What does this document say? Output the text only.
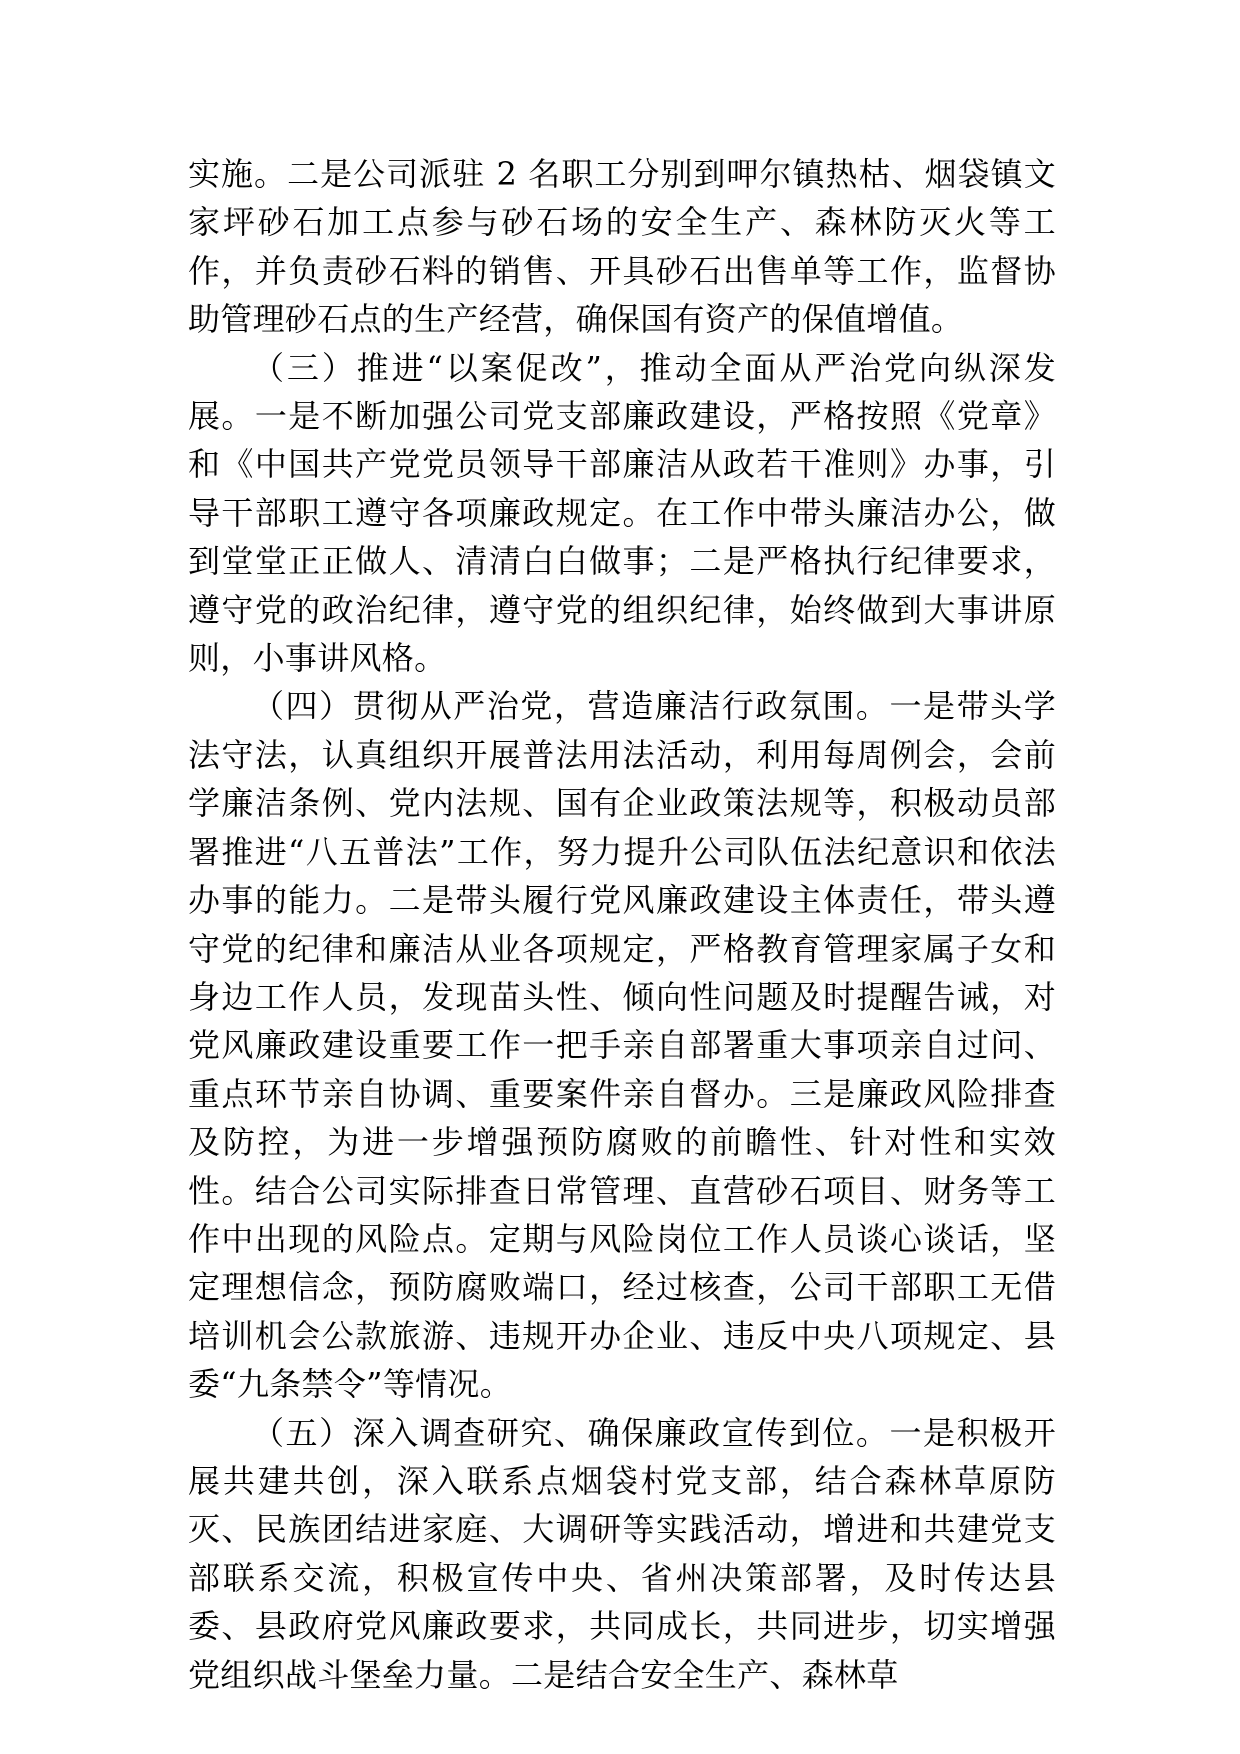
实施。二是公司派驻 2 名职工分别到呷尔镇热枯、烟袋镇文家坪砂石加工点参与砂石场的安全生产、森林防灭火等工作，并负责砂石料的销售、开具砂石出售单等工作，监督协助管理砂石点的生产经营，确保国有资产的保值增值。

（三）推进“以案促改”，推动全面从严治党向纵深发展。一是不断加强公司党支部廉政建设，严格按照《党章》和《中国共产党党员领导干部廉洁从政若干准则》办事，引导干部职工遵守各项廉政规定。在工作中带头廉洁办公，做到堂堂正正做人、清清白白做事；二是严格执行纪律要求，遵守党的政治纪律，遵守党的组织纪律，始终做到大事讲原则，小事讲风格。

（四）贯彻从严治党，营造廉洁行政氛围。一是带头学法守法，认真组织开展普法用法活动，利用每周例会，会前学廉洁条例、党内法规、国有企业政策法规等，积极动员部署推进“八五普法”工作，努力提升公司队伍法纪意识和依法办事的能力。二是带头履行党风廉政建设主体责任，带头遵守党的纪律和廉洁从业各项规定，严格教育管理家属子女和身边工作人员，发现苗头性、倾向性问题及时提醒告诫，对党风廉政建设重要工作一把手亲自部署重大事项亲自过问、重点环节亲自协调、重要案件亲自督办。三是廉政风险排查及防控，为进一步增强预防腐败的前瞻性、针对性和实效性。结合公司实际排查日常管理、直营砂石项目、财务等工作中出现的风险点。定期与风险岗位工作人员谈心谈话，坚定理想信念，预防腐败端口，经过核查，公司干部职工无借培训机会公款旅游、违规开办企业、违反中央八项规定、县委“九条禁令”等情况。

（五）深入调查研究、确保廉政宣传到位。一是积极开展共建共创，深入联系点烟袋村党支部，结合森林草原防灭、民族团结进家庭、大调研等实践活动，增进和共建党支部联系交流，积极宣传中央、省州决策部署，及时传达县委、县政府党风廉政要求，共同成长，共同进步，切实增强党组织战斗堡垒力量。二是结合安全生产、森林草
